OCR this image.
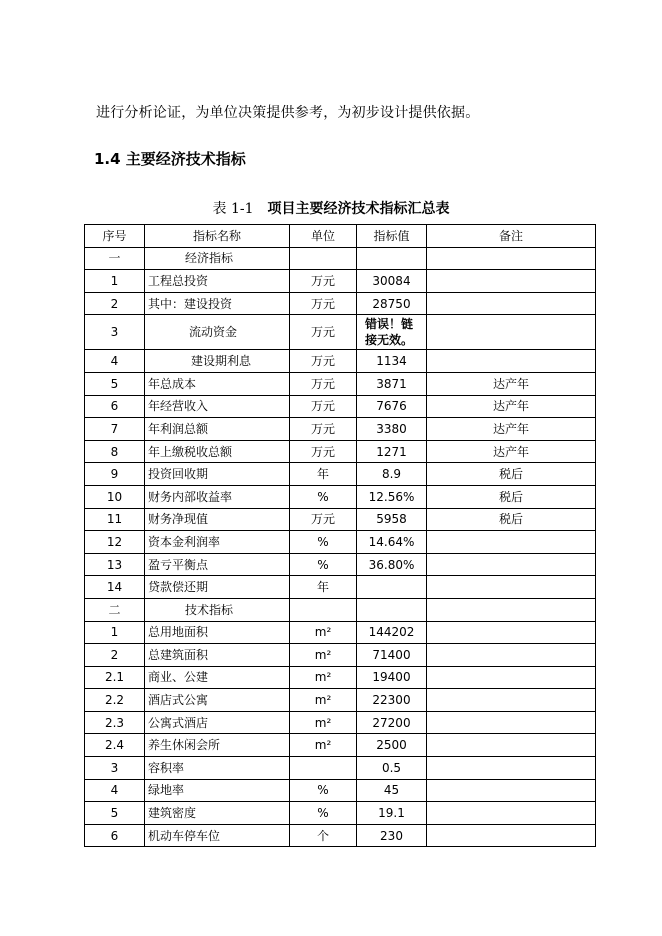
进行分析论证，为单位决策提供参考，为初步设计提供依据。

1.4 主要经济技术指标

表 1-1 项目主要经济技术指标汇总表

序号	指标名称	单位	指标值	备注
一	经济指标			
1	工程总投资	万元	30084	
2	其中：建设投资	万元	28750	
3	流动资金	万元	错误！链接无效。	
4	建设期利息	万元	1134	
5	年总成本	万元	3871	达产年
6	年经营收入	万元	7676	达产年
7	年利润总额	万元	3380	达产年
8	年上缴税收总额	万元	1271	达产年
9	投资回收期	年	8.9	税后
10	财务内部收益率	%	12.56%	税后
11	财务净现值	万元	5958	税后
12	资本金利润率	%	14.64%	
13	盈亏平衡点	%	36.80%	
14	贷款偿还期	年		
二	技术指标			
1	总用地面积	m²	144202	
2	总建筑面积	m²	71400	
2.1	商业、公建	m²	19400	
2.2	酒店式公寓	m²	22300	
2.3	公寓式酒店	m²	27200	
2.4	养生休闲会所	m²	2500	
3	容积率		0.5	
4	绿地率	%	45	
5	建筑密度	%	19.1	
6	机动车停车位	个	230	
